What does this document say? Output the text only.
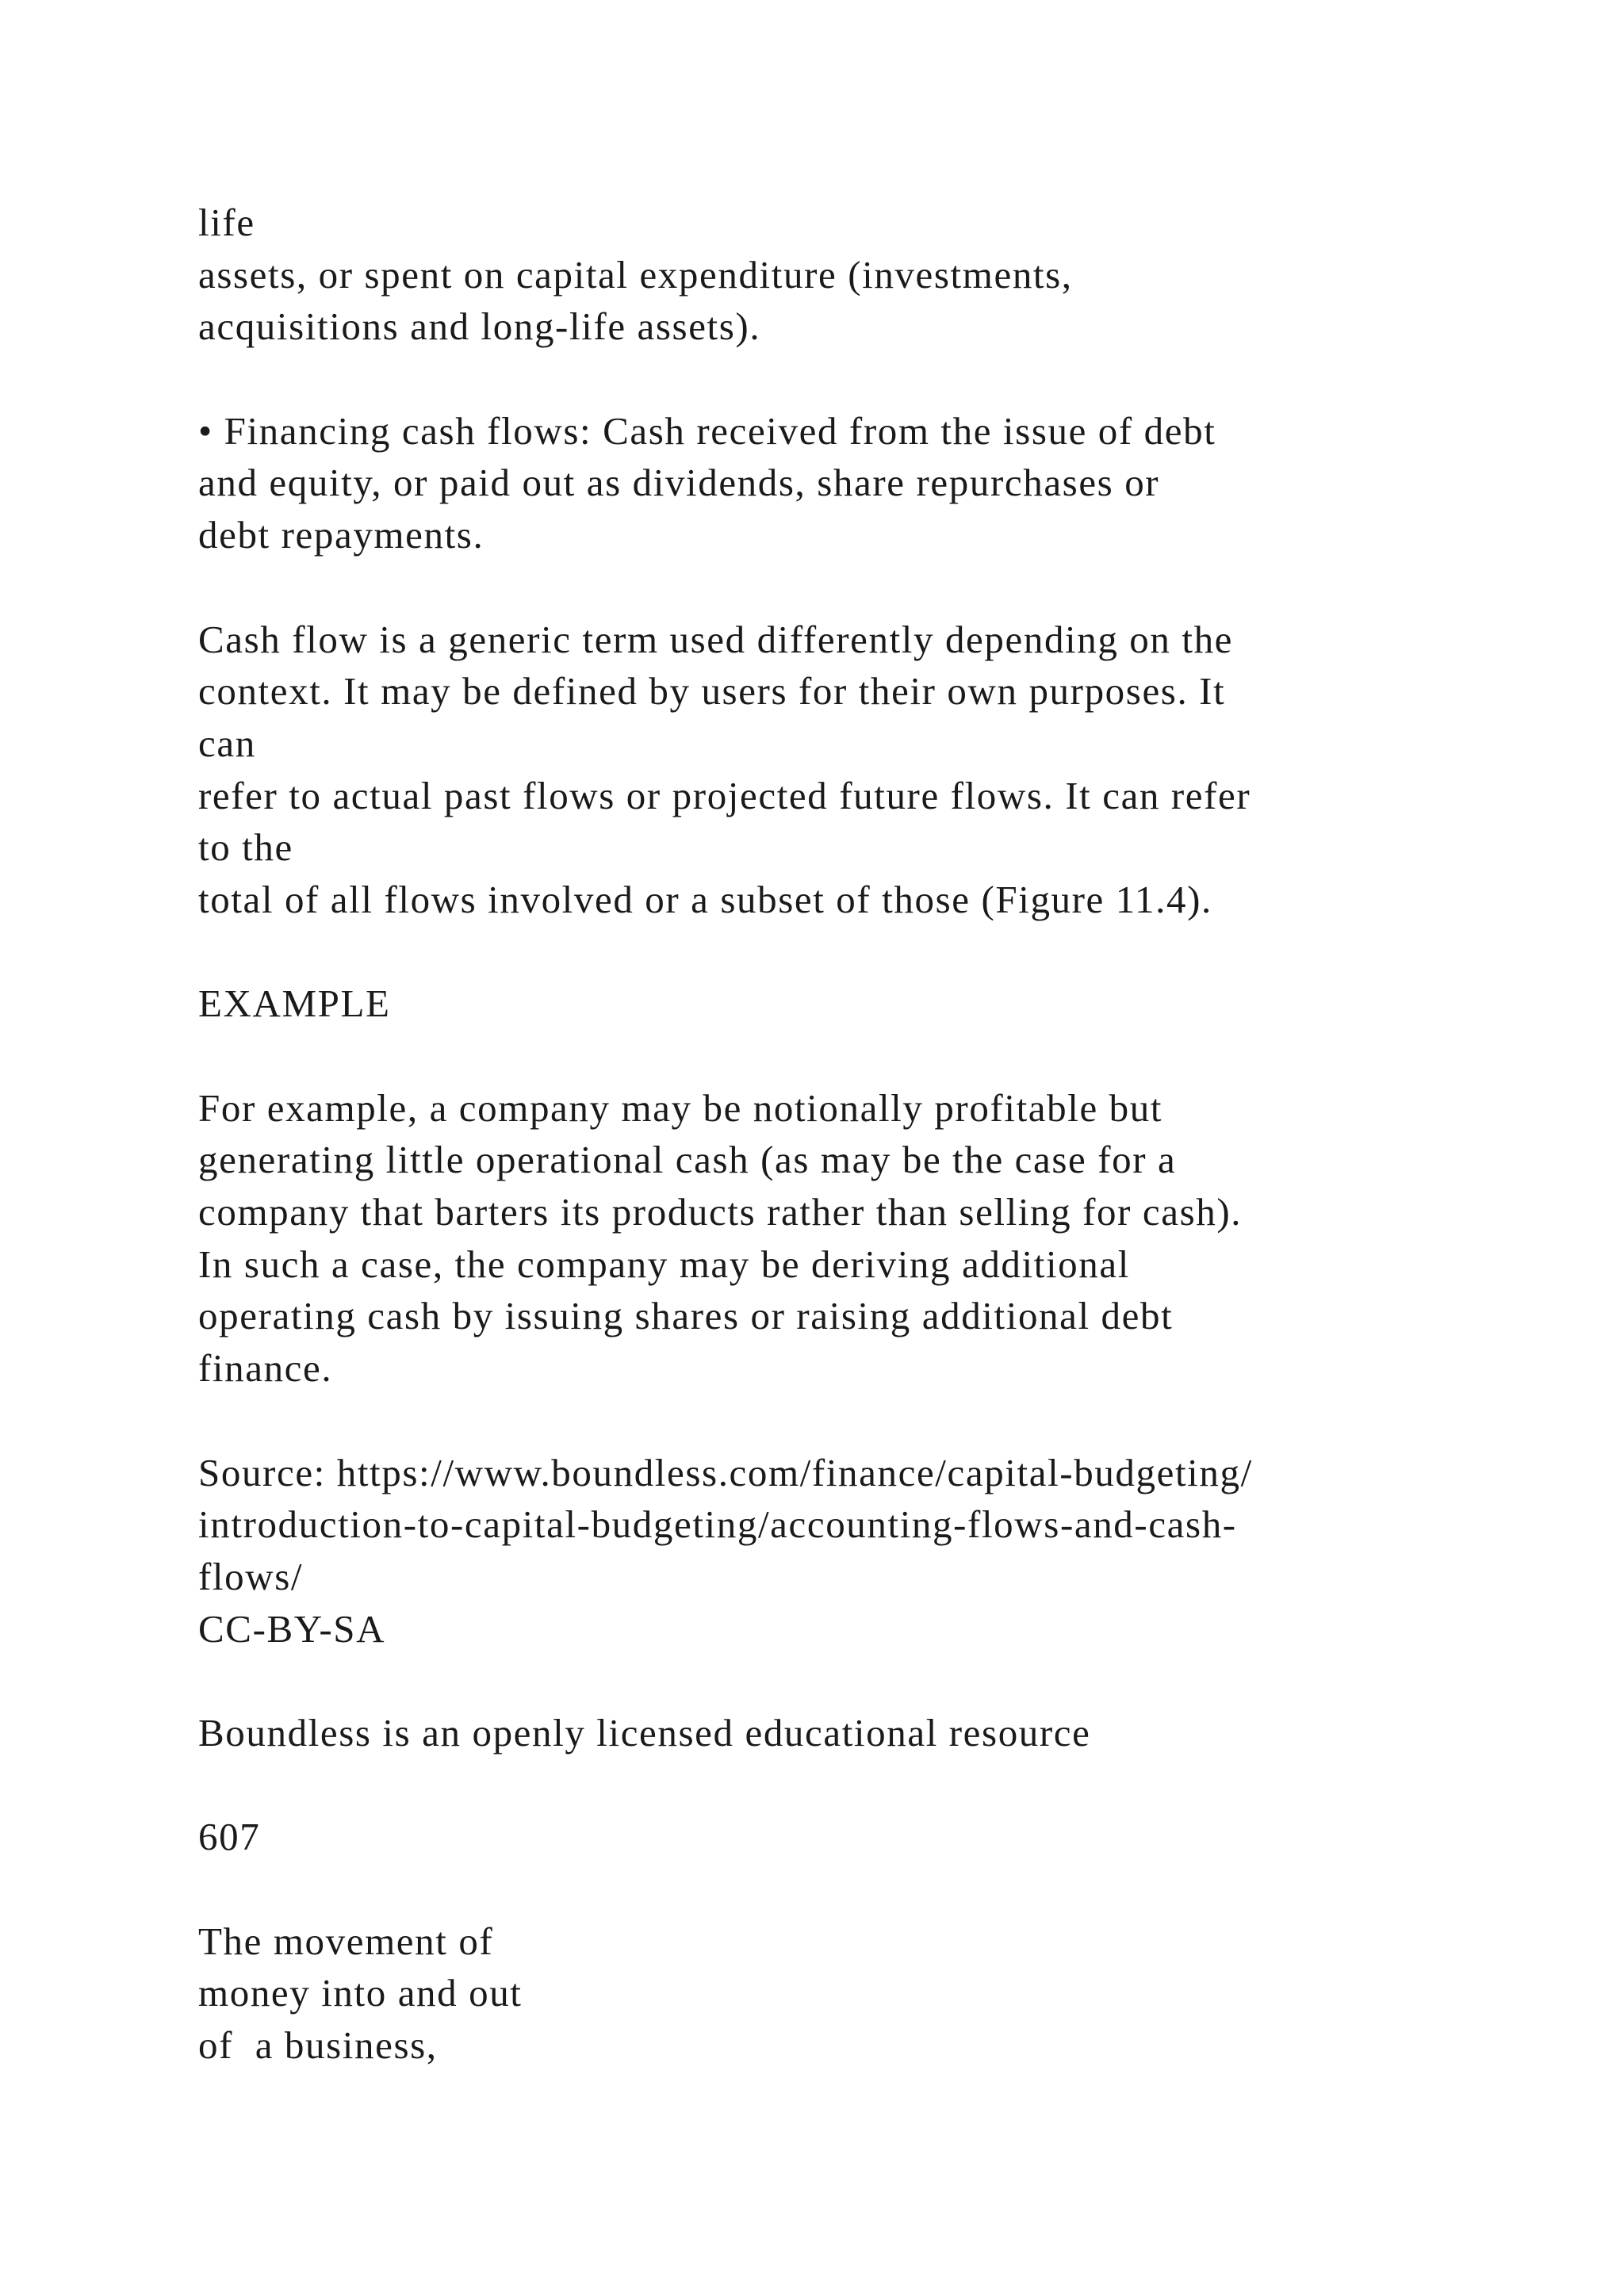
life
assets, or spent on capital expenditure (investments,
acquisitions and long-life assets).
• Financing cash flows: Cash received from the issue of debt
and equity, or paid out as dividends, share repurchases or
debt repayments.
Cash flow is a generic term used differently depending on the
context. It may be defined by users for their own purposes. It
can
refer to actual past flows or projected future flows. It can refer
to the
total of all flows involved or a subset of those (Figure 11.4).
EXAMPLE
For example, a company may be notionally profitable but
generating little operational cash (as may be the case for a
company that barters its products rather than selling for cash).
In such a case, the company may be deriving additional
operating cash by issuing shares or raising additional debt
finance.
Source: https://www.boundless.com/finance/capital-budgeting/
introduction-to-capital-budgeting/accounting-flows-and-cash-
flows/
CC-BY-SA
Boundless is an openly licensed educational resource
607
The movement of
money into and out
of  a business,
